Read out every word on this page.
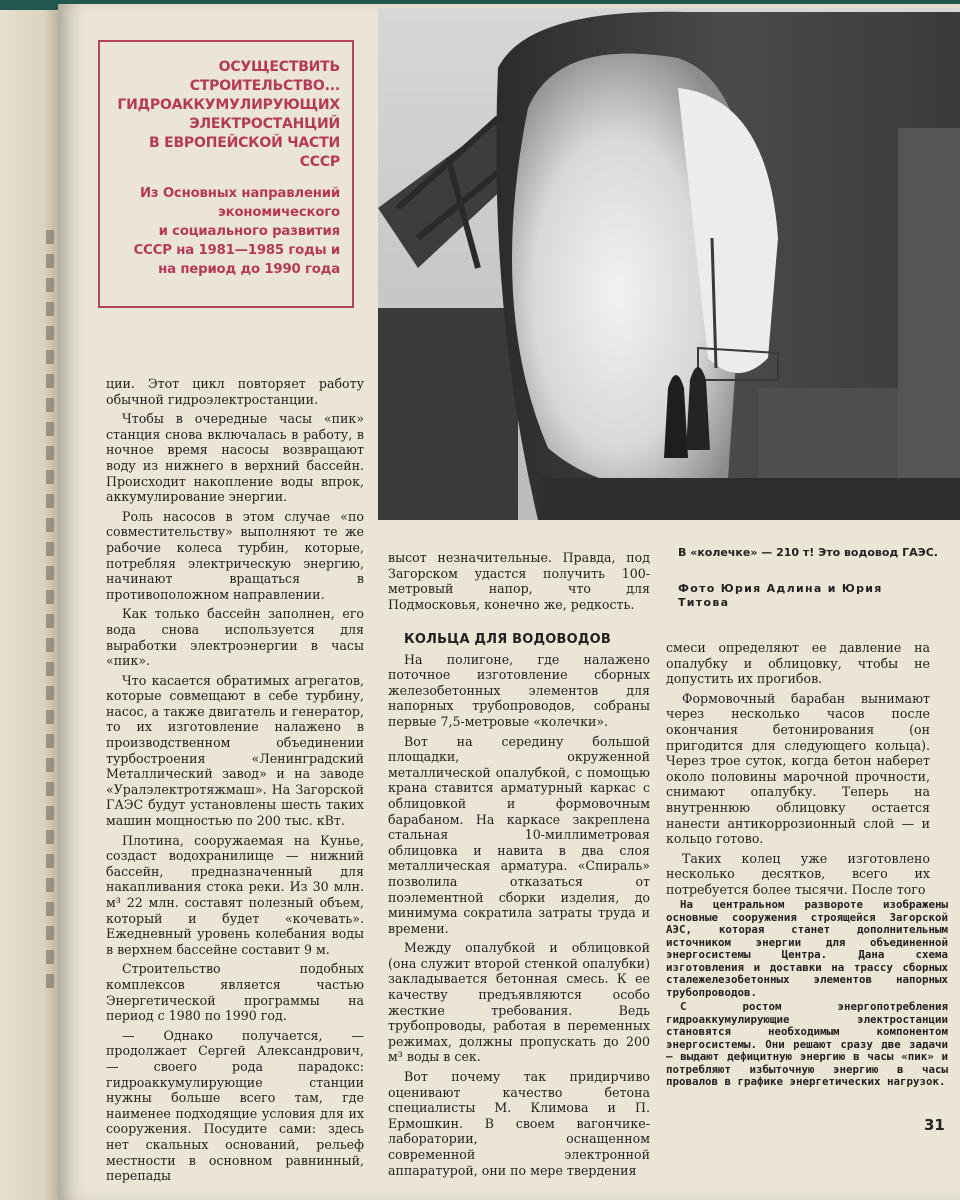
ОСУЩЕСТВИТЬ
СТРОИТЕЛЬСТВО...
ГИДРОАККУМУЛИРУЮЩИХ
ЭЛЕКТРОСТАНЦИЙ
В ЕВРОПЕЙСКОЙ ЧАСТИ
СССР
Из Основных направлений
экономического
и социального развития
СССР на 1981—1985 годы и
на период до 1990 года

ции. Этот цикл повторяет работу обычной гидроэлектростанции.

Чтобы в очередные часы «пик» станция снова включалась в работу, в ночное время насосы возвращают воду из нижнего в верхний бассейн. Происходит накопление воды впрок, аккумулирование энергии.

Роль насосов в этом случае «по совместительству» выполняют те же рабочие колеса турбин, которые, потребляя электрическую энергию, начинают вращаться в противоположном направлении.

Как только бассейн заполнен, его вода снова используется для выработки электроэнергии в часы «пик».

Что касается обратимых агрегатов, которые совмещают в себе турбину, насос, а также двигатель и генератор, то их изготовление налажено в производственном объединении турбостроения «Ленинградский Металлический завод» и на заводе «Уралэлектротяжмаш». На Загорской ГАЭС будут установлены шесть таких машин мощностью по 200 тыс. кВт.

Плотина, сооружаемая на Кунье, создаст водохранилище — нижний бассейн, предназначенный для накапливания стока реки. Из 30 млн. м³ 22 млн. составят полезный объем, который и будет «кочевать». Ежедневный уровень колебания воды в верхнем бассейне составит 9 м.

Строительство подобных комплексов является частью Энергетической программы на период с 1980 по 1990 год.

— Однако получается, — продолжает Сергей Александрович, — своего рода парадокс: гидроаккумулирующие станции нужны больше всего там, где наименее подходящие условия для их сооружения. Посудите сами: здесь нет скальных оснований, рельеф местности в основном равнинный, перепады

высот незначительные. Правда, под Загорском удастся получить 100-метровый напор, что для Подмосковья, конечно же, редкость.

В «колечке» — 210 т! Это водовод ГАЭС.
Фото Юрия Адлина и Юрия Титова

КОЛЬЦА ДЛЯ ВОДОВОДОВ

На полигоне, где налажено поточное изготовление сборных железобетонных элементов для напорных трубопроводов, собраны первые 7,5-метровые «колечки».

Вот на середину большой площадки, окруженной металлической опалубкой, с помощью крана ставится арматурный каркас с облицовкой и формовочным барабаном. На каркасе закреплена стальная 10-миллиметровая облицовка и навита в два слоя металлическая арматура. «Спираль» позволила отказаться от поэлементной сборки изделия, до минимума сократила затраты труда и времени.

Между опалубкой и облицовкой (она служит второй стенкой опалубки) закладывается бетонная смесь. К ее качеству предъявляются особо жесткие требования. Ведь трубопроводы, работая в переменных режимах, должны пропускать до 200 м³ воды в сек.

Вот почему так придирчиво оценивают качество бетона специалисты М. Климова и П. Ермошкин. В своем вагончике-лаборатории, оснащенном современной электронной аппаратурой, они по мере твердения

смеси определяют ее давление на опалубку и облицовку, чтобы не допустить их прогибов.

Формовочный барабан вынимают через несколько часов после окончания бетонирования (он пригодится для следующего кольца). Через трое суток, когда бетон наберет около половины марочной прочности, снимают опалубку. Теперь на внутреннюю облицовку остается нанести антикоррозионный слой — и кольцо готово.

Таких колец уже изготовлено несколько десятков, всего их потребуется более тысячи. После того

На центральном развороте изображены основные сооружения строящейся Загорской АЭС, которая станет дополнительным источником энергии для объединенной энергосистемы Центра. Дана схема изготовления и доставки на трассу сборных сталежелезобетонных элементов напорных трубопроводов.

С ростом энергопотребления гидроаккумулирующие электростанции становятся необходимым компонентом энергосистемы. Они решают сразу две задачи — выдают дефицитную энергию в часы «пик» и потребляют избыточную энергию в часы провалов в графике энергетических нагрузок.

31
